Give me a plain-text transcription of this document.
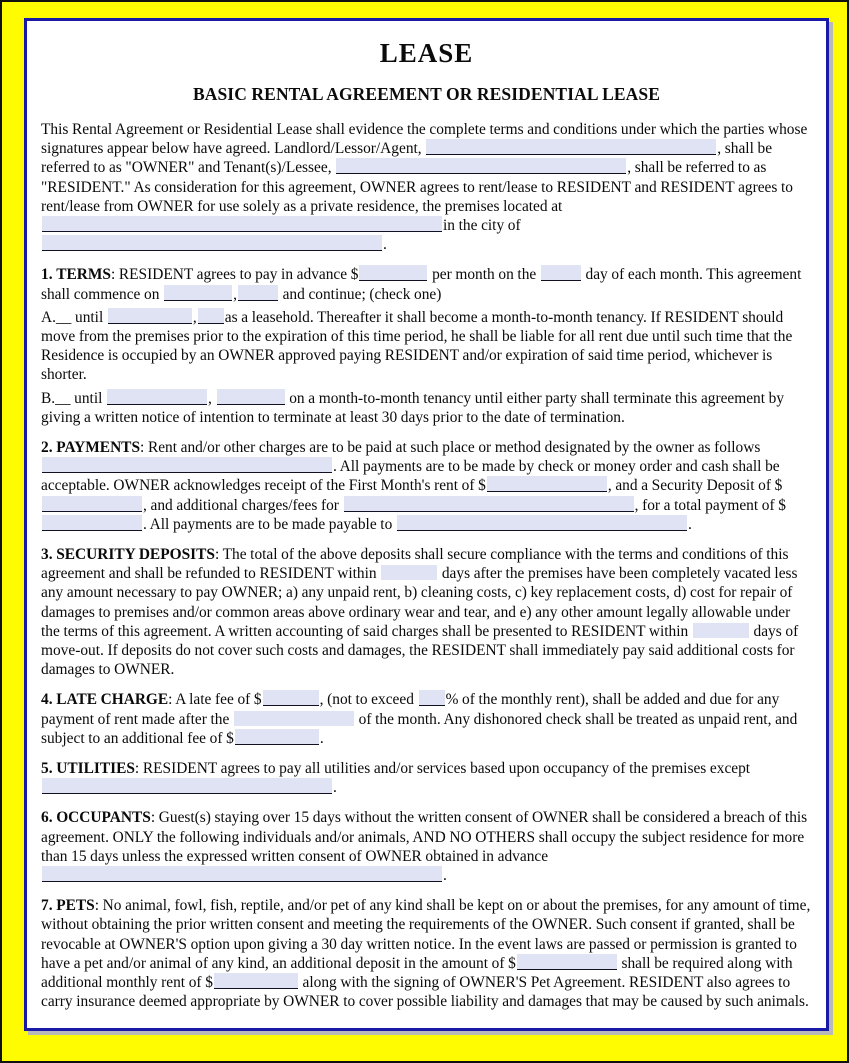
LEASE
BASIC RENTAL AGREEMENT OR RESIDENTIAL LEASE

This Rental Agreement or Residential Lease shall evidence the complete terms and conditions under which the parties whose signatures appear below have agreed. Landlord/Lessor/Agent,	, shall be referred to as "OWNER" and Tenant(s)/Lessee,	, shall be referred to as "RESIDENT." As consideration for this agreement, OWNER agrees to rent/lease to RESIDENT and RESIDENT agrees to rent/lease from OWNER for use solely as a private residence, the premises located at in the city of .

1. TERMS: RESIDENT agrees to pay in advance $	per month on the	day of each month. This agreement shall commence on	,	and continue; (check one)

A.__ until	, as a leasehold. Thereafter it shall become a month-to-month tenancy. If RESIDENT should move from the premises prior to the expiration of this time period, he shall be liable for all rent due until such time that the Residence is occupied by an OWNER approved paying RESIDENT and/or expiration of said time period, whichever is shorter.

B.__ until	,	on a month-to-month tenancy until either party shall terminate this agreement by giving a written notice of intention to terminate at least 30 days prior to the date of termination.

2. PAYMENTS: Rent and/or other charges are to be paid at such place or method designated by the owner as follows . All payments are to be made by check or money order and cash shall be acceptable. OWNER acknowledges receipt of the First Month's rent of $	, and a Security Deposit of $, and additional charges/fees for	, for a total payment of $. All payments are to be made payable to	.

3. SECURITY DEPOSITS: The total of the above deposits shall secure compliance with the terms and conditions of this agreement and shall be refunded to RESIDENT within	days after the premises have been completely vacated less any amount necessary to pay OWNER; a) any unpaid rent, b) cleaning costs, c) key replacement costs, d) cost for repair of damages to premises and/or common areas above ordinary wear and tear, and e) any other amount legally allowable under the terms of this agreement. A written accounting of said charges shall be presented to RESIDENT within	days of move-out. If deposits do not cover such costs and damages, the RESIDENT shall immediately pay said additional costs for damages to OWNER.

4. LATE CHARGE: A late fee of $	, (not to exceed % of the monthly rent), shall be added and due for any payment of rent made after the	of the month. Any dishonored check shall be treated as unpaid rent, and subject to an additional fee of $	.

5. UTILITIES: RESIDENT agrees to pay all utilities and/or services based upon occupancy of the premises except .

6. OCCUPANTS: Guest(s) staying over 15 days without the written consent of OWNER shall be considered a breach of this agreement. ONLY the following individuals and/or animals, AND NO OTHERS shall occupy the subject residence for more than 15 days unless the expressed written consent of OWNER obtained in advance .

7. PETS: No animal, fowl, fish, reptile, and/or pet of any kind shall be kept on or about the premises, for any amount of time, without obtaining the prior written consent and meeting the requirements of the OWNER. Such consent if granted, shall be revocable at OWNER'S option upon giving a 30 day written notice. In the event laws are passed or permission is granted to have a pet and/or animal of any kind, an additional deposit in the amount of $	shall be required along with additional monthly rent of $	along with the signing of OWNER'S Pet Agreement. RESIDENT also agrees to carry insurance deemed appropriate by OWNER to cover possible liability and damages that may be caused by such animals.
